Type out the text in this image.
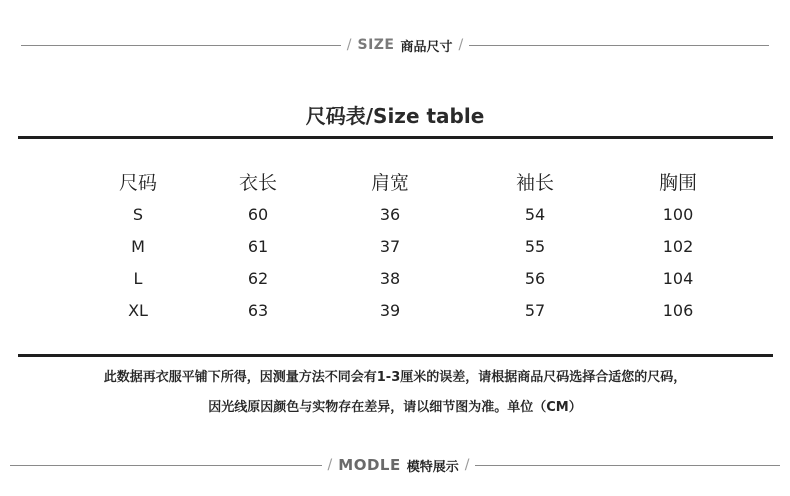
/ SIZE 商品尺寸 /
尺码表/Size table
尺码	衣长	肩宽	袖长	胸围
S	60	36	54	100
M	61	37	55	102
L	62	38	56	104
XL	63	39	57	106
此数据再衣服平铺下所得，因测量方法不同会有1-3厘米的误差，请根据商品尺码选择合适您的尺码，
因光线原因颜色与实物存在差异，请以细节图为准。单位（CM）
/ MODLE 模特展示 /
